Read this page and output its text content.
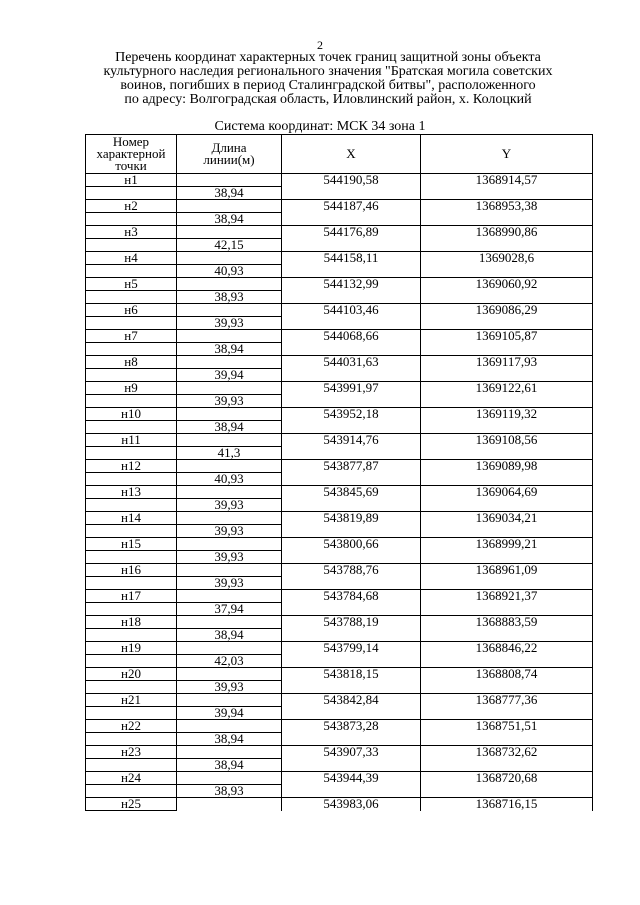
2
Перечень координат характерных точек границ защитной зоны объекта
культурного наследия регионального значения "Братская могила советских
воинов, погибших в период Сталинградской битвы", расположенного
по адресу: Волгоградская область, Иловлинский район, х. Колоцкий
Система координат: МСК 34 зона 1
Номер
характерной
точки	Длина
линии(м)	X	Y
н1		544190,58	1368914,57
	38,94		
н2		544187,46	1368953,38
	38,94		
н3		544176,89	1368990,86
	42,15		
н4		544158,11	1369028,6
	40,93		
н5		544132,99	1369060,92
	38,93		
н6		544103,46	1369086,29
	39,93		
н7		544068,66	1369105,87
	38,94		
н8		544031,63	1369117,93
	39,94		
н9		543991,97	1369122,61
	39,93		
н10		543952,18	1369119,32
	38,94		
н11		543914,76	1369108,56
	41,3		
н12		543877,87	1369089,98
	40,93		
н13		543845,69	1369064,69
	39,93		
н14		543819,89	1369034,21
	39,93		
н15		543800,66	1368999,21
	39,93		
н16		543788,76	1368961,09
	39,93		
н17		543784,68	1368921,37
	37,94		
н18		543788,19	1368883,59
	38,94		
н19		543799,14	1368846,22
	42,03		
н20		543818,15	1368808,74
	39,93		
н21		543842,84	1368777,36
	39,94		
н22		543873,28	1368751,51
	38,94		
н23		543907,33	1368732,62
	38,94		
н24		543944,39	1368720,68
	38,93		
н25		543983,06	1368716,15
